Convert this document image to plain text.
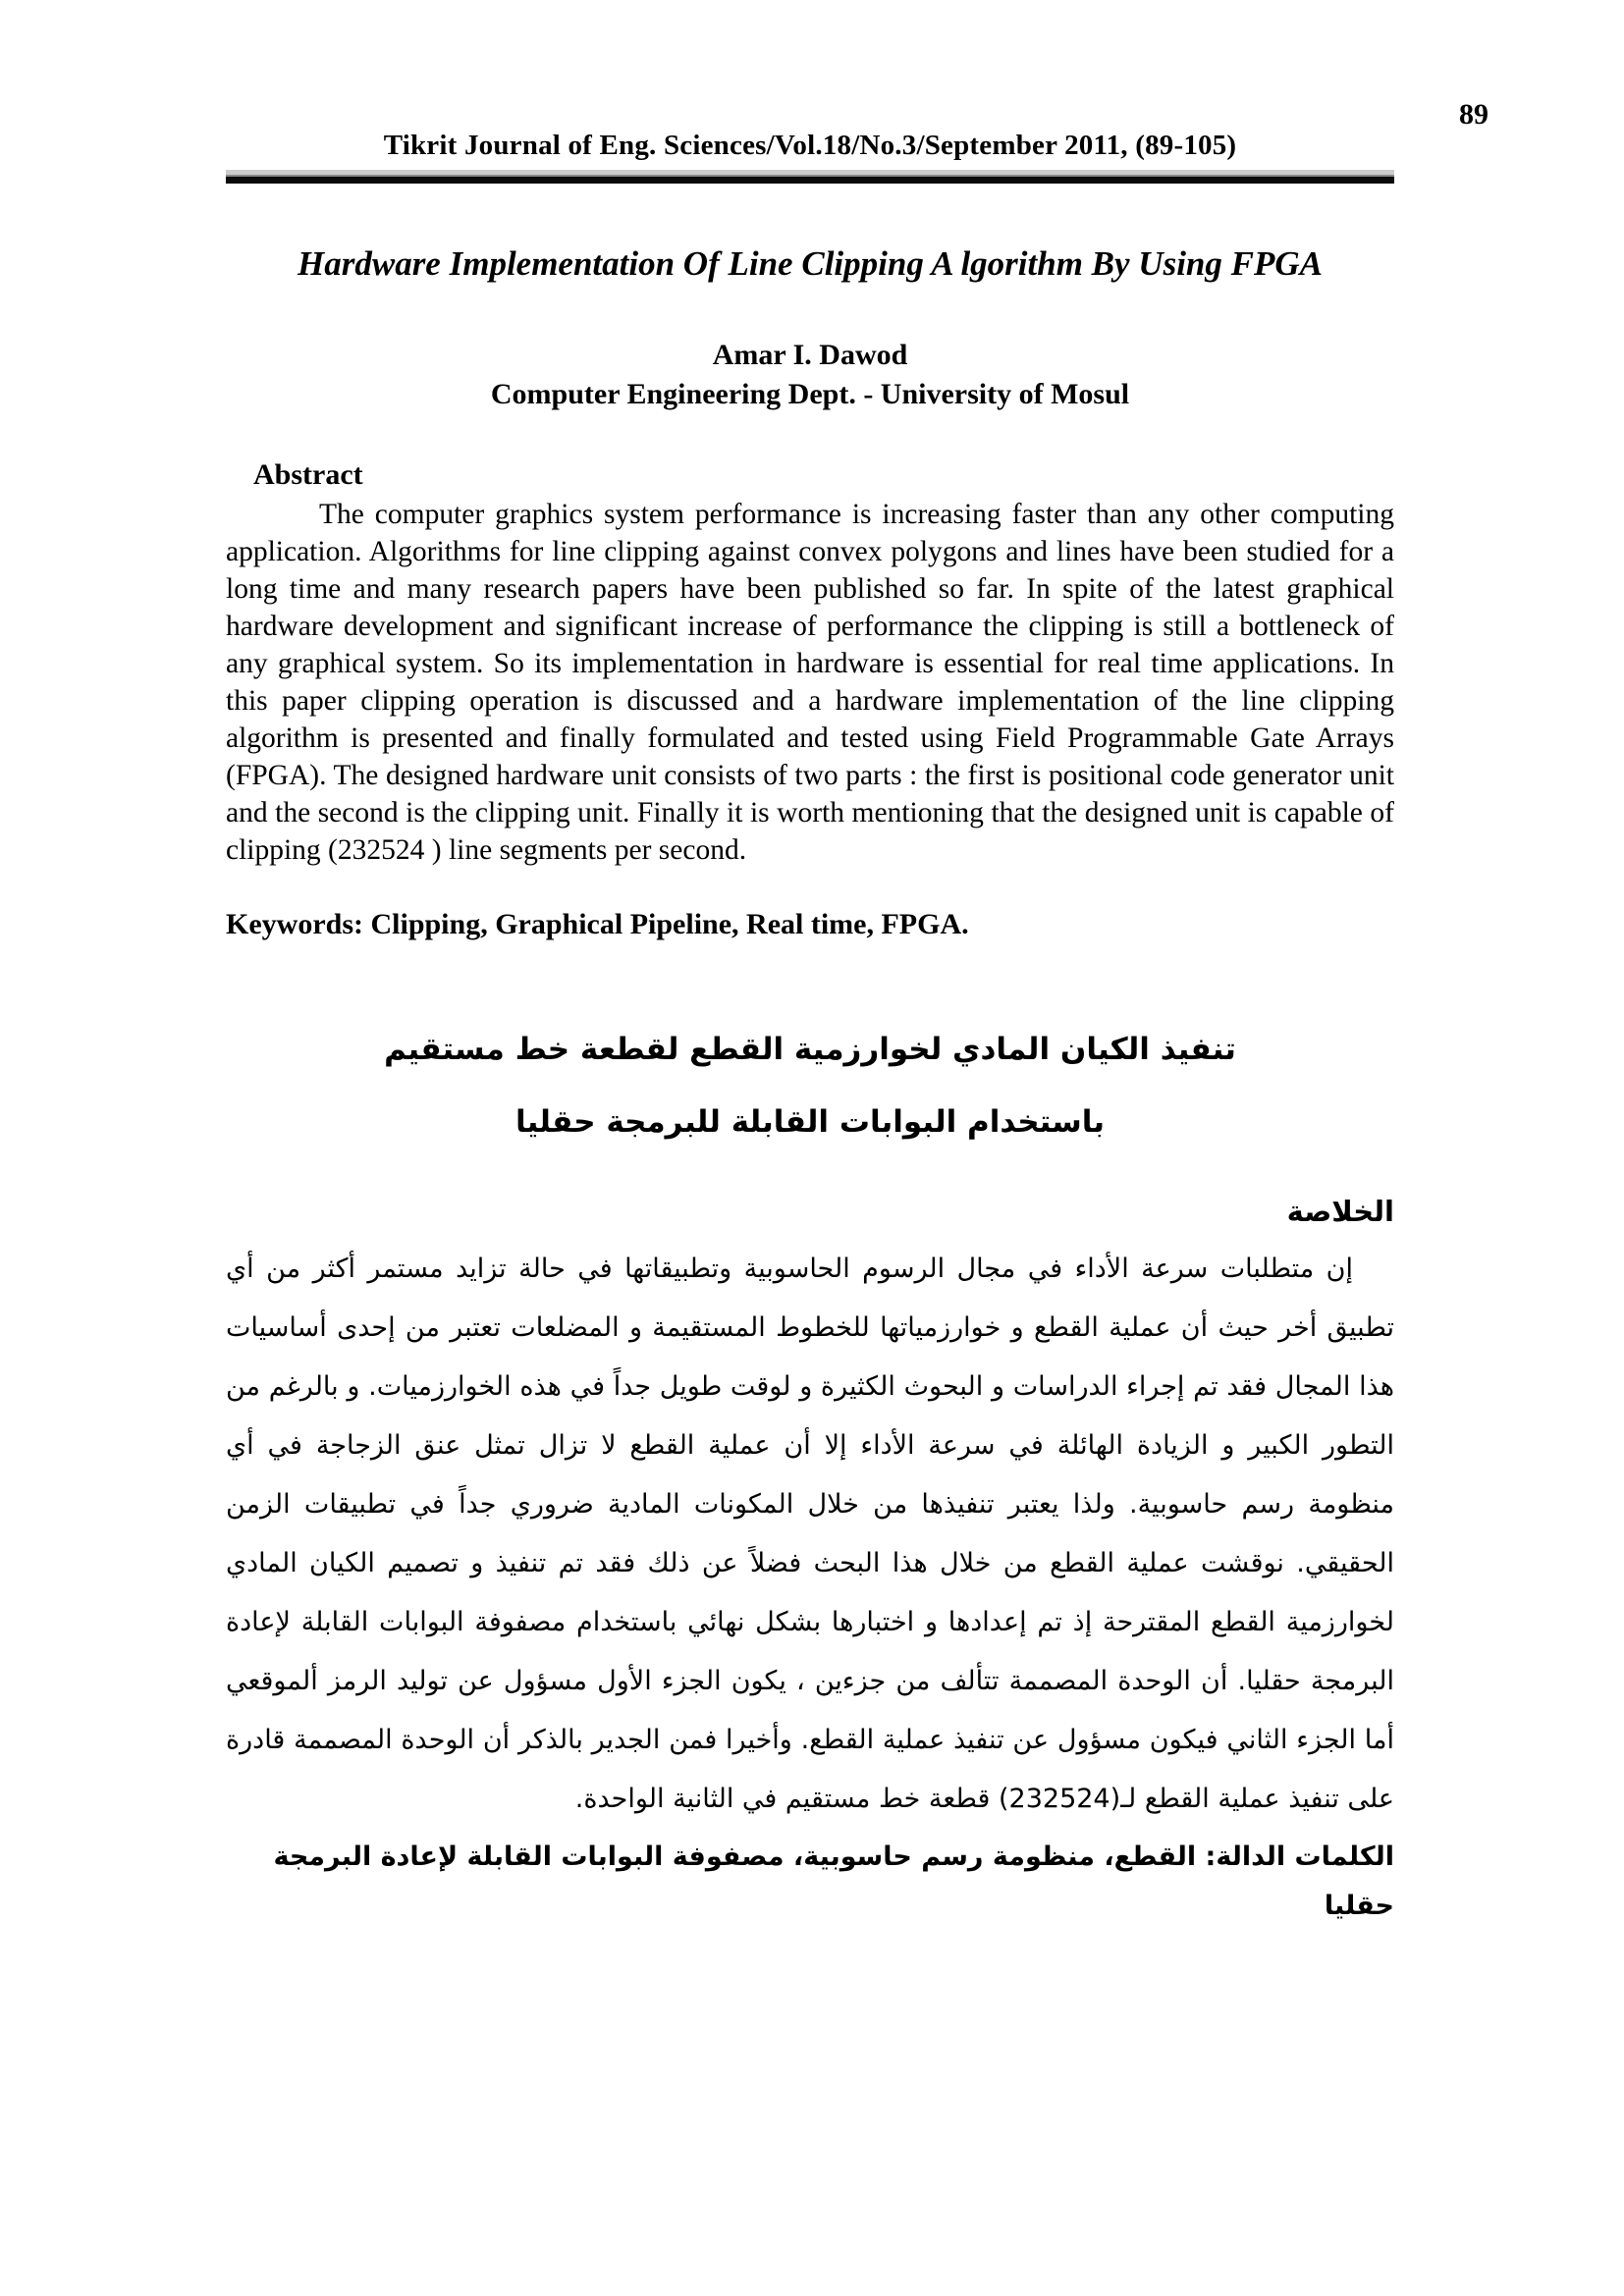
89
Tikrit Journal of Eng. Sciences/Vol.18/No.3/September 2011, (89-105)
Hardware Implementation Of Line Clipping A lgorithm By Using FPGA
Amar I. Dawod
Computer Engineering Dept. - University of Mosul
Abstract

The computer graphics system performance is increasing faster than any other computing application. Algorithms for line clipping against convex polygons and lines have been studied for a long time and many research papers have been published so far. In spite of the latest graphical hardware development and significant increase of performance the clipping is still a bottleneck of any graphical system. So its implementation in hardware is essential for real time applications. In this paper clipping operation is discussed and a hardware implementation of the line clipping algorithm is presented and finally formulated and tested using Field Programmable Gate Arrays (FPGA). The designed hardware unit consists of two parts : the first is positional code generator unit and the second is the clipping unit. Finally it is worth mentioning that the designed unit is capable of clipping (232524 ) line segments per second.

Keywords: Clipping, Graphical Pipeline, Real time, FPGA.

تنفيذ الكيان المادي لخوارزمية القطع لقطعة خط مستقيم
باستخدام البوابات القابلة للبرمجة حقليا
الخلاصة

إن متطلبات سرعة الأداء في مجال الرسوم الحاسوبية وتطبيقاتها في حالة تزايد مستمر أكثر من أي تطبيق أخر حيث أن عملية القطع و خوارزمياتها للخطوط المستقيمة و المضلعات تعتبر من إحدى أساسيات هذا المجال فقد تم إجراء الدراسات و البحوث الكثيرة و لوقت طويل جداً في هذه الخوارزميات. و بالرغم من التطور الكبير و الزيادة الهائلة في سرعة الأداء إلا أن عملية القطع لا تزال تمثل عنق الزجاجة في أي منظومة رسم حاسوبية. ولذا يعتبر تنفيذها من خلال المكونات المادية ضروري جداً في تطبيقات الزمن الحقيقي. نوقشت عملية القطع من خلال هذا البحث فضلاً عن ذلك فقد تم تنفيذ و تصميم الكيان المادي لخوارزمية القطع المقترحة إذ تم إعدادها و اختبارها بشكل نهائي باستخدام مصفوفة البوابات القابلة لإعادة البرمجة حقليا. أن الوحدة المصممة تتألف من جزءين ، يكون الجزء الأول مسؤول عن توليد الرمز ألموقعي أما الجزء الثاني فيكون مسؤول عن تنفيذ عملية القطع. وأخيرا فمن الجدير بالذكر أن الوحدة المصممة قادرة على تنفيذ عملية القطع لـ(232524) قطعة خط مستقيم في الثانية الواحدة.

الكلمات الدالة: القطع، منظومة رسم حاسوبية، مصفوفة البوابات القابلة لإعادة البرمجة حقليا
